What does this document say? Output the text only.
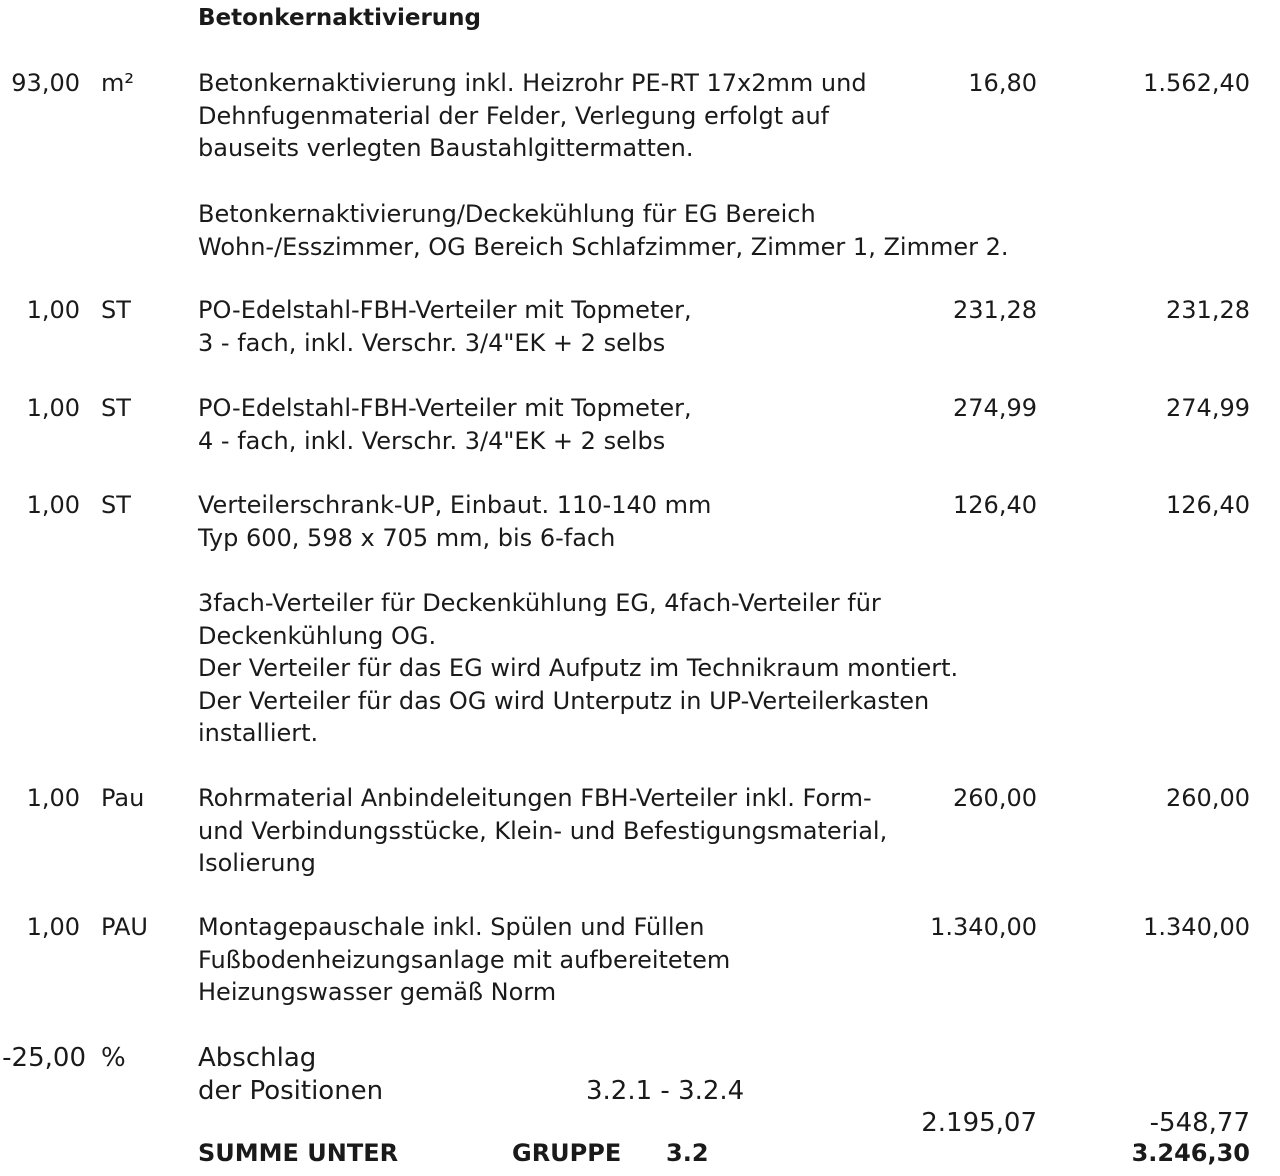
Betonkernaktivierung
93,00 m²	Betonkernaktivierung inkl. Heizrohr PE-RT 17x2mm und
Dehnfugenmaterial der Felder, Verlegung erfolgt auf
bauseits verlegten Baustahlgittermatten.
16,80	1.562,40
Betonkernaktivierung/Deckekühlung für EG Bereich
Wohn-/Esszimmer, OG Bereich Schlafzimmer, Zimmer 1, Zimmer 2.
1,00 ST	PO-Edelstahl-FBH-Verteiler mit Topmeter,
3 - fach, inkl. Verschr. 3/4"EK + 2 selbs
231,28	231,28
1,00 ST	PO-Edelstahl-FBH-Verteiler mit Topmeter,
4 - fach, inkl. Verschr. 3/4"EK + 2 selbs
274,99	274,99
1,00 ST	Verteilerschrank-UP, Einbaut. 110-140 mm
Typ 600, 598 x 705 mm, bis 6-fach
126,40	126,40
3fach-Verteiler für Deckenkühlung EG, 4fach-Verteiler für
Deckenkühlung OG.
Der Verteiler für das EG wird Aufputz im Technikraum montiert.
Der Verteiler für das OG wird Unterputz in UP-Verteilerkasten
installiert.
1,00 Pau Rohrmaterial Anbindeleitungen FBH-Verteiler inkl. Form-
und Verbindungsstücke, Klein- und Befestigungsmaterial,
Isolierung
260,00	260,00
1,00 PAU Montagepauschale inkl. Spülen und Füllen
Fußbodenheizungsanlage mit aufbereitetem
Heizungswasser gemäß Norm
1.340,00	1.340,00
-25,00 %	Abschlag
der Positionen	3.2.1 - 3.2.4
2.195,07	-548,77
SUMME UNTER	GRUPPE 3.2	3.246,30
